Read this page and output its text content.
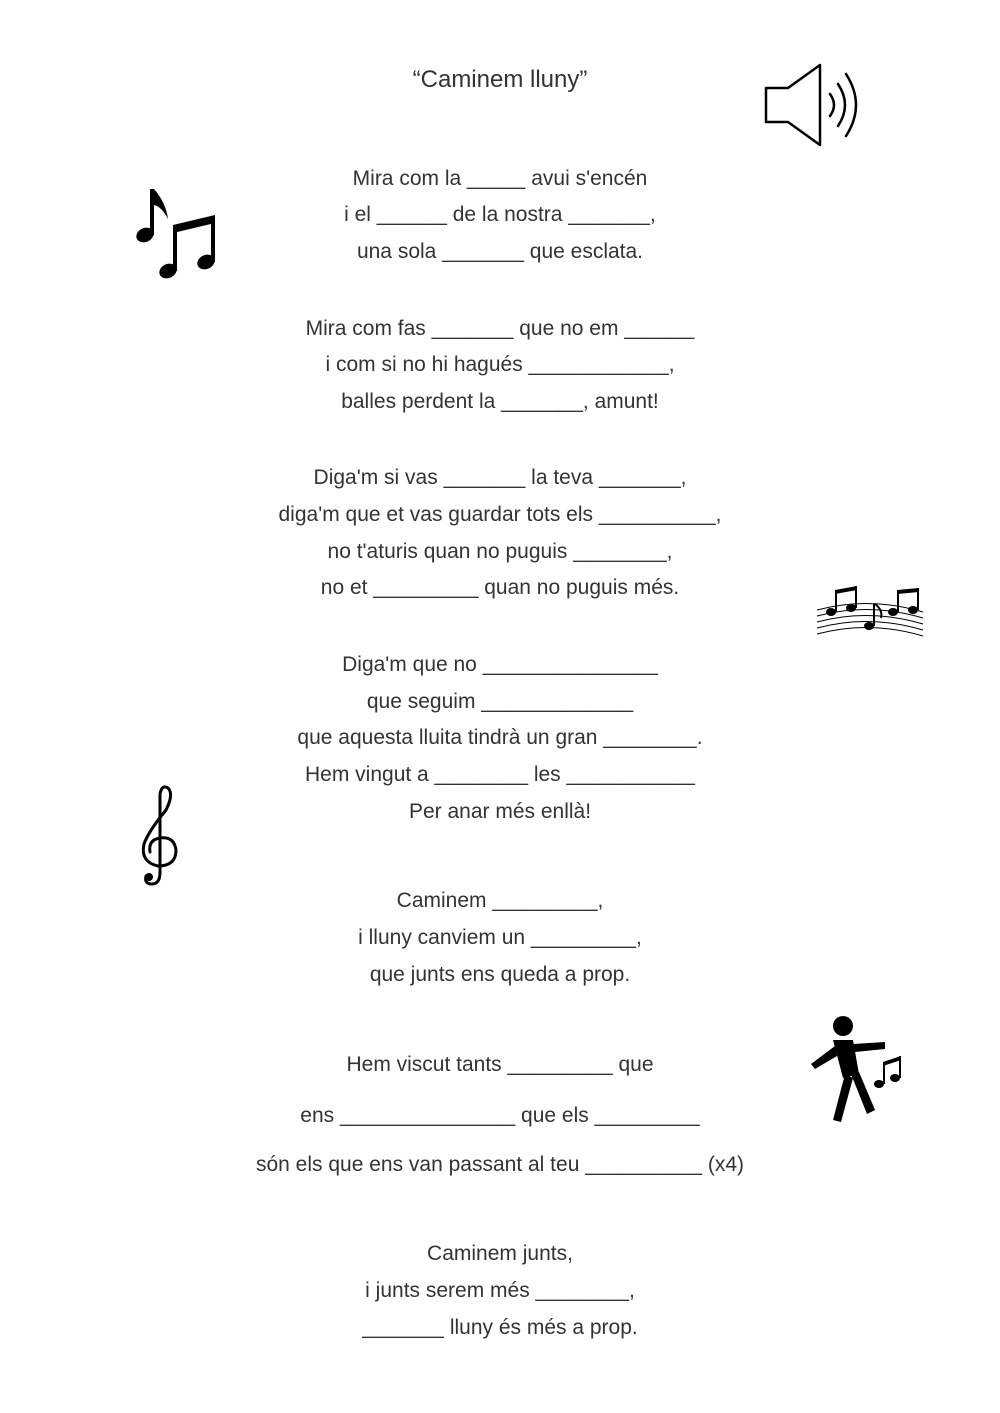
“Caminem lluny”
Mira com la _____ avui s'encén
i el ______ de la nostra _______,
una sola _______ que esclata.
Mira com fas _______ que no em ______
i com si no hi hagués ____________,
balles perdent la _______, amunt!
Diga'm si vas _______ la teva _______,
diga'm que et vas guardar tots els __________,
no t'aturis quan no puguis ________,
no et _________ quan no puguis més.
Diga'm que no _______________
que seguim _____________
que aquesta lluita tindrà un gran ________.
Hem vingut a ________ les ___________
Per anar més enllà!
Caminem _________,
i lluny canviem un _________,
que junts ens queda a prop.
Hem viscut tants _________ que
ens _______________ que els _________
són els que ens van passant al teu __________ (x4)
Caminem junts,
i junts serem més ________,
_______ lluny és més a prop.
